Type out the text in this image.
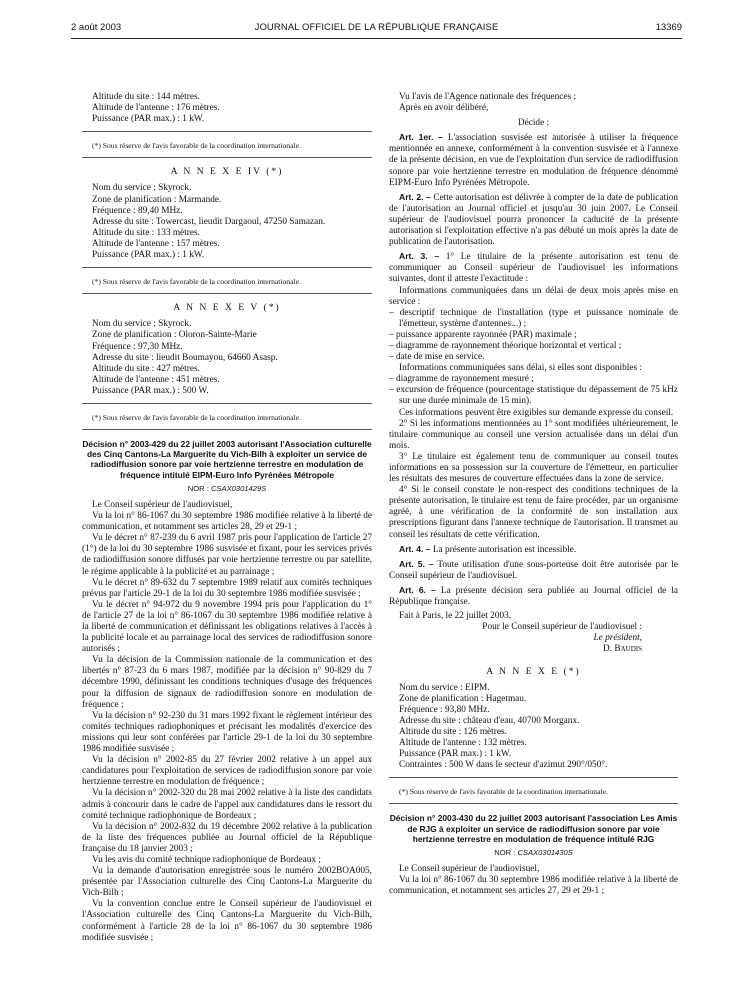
2 août 2003	JOURNAL OFFICIEL DE LA RÉPUBLIQUE FRANÇAISE	13369

Altitude du site : 144 mètres.

Altitude de l'antenne : 176 mètres.

Puissance (PAR max.) : 1 kW.

(*) Sous réserve de l'avis favorable de la coordination internationale.

A N N E X E IV (*)

Nom du service : Skyrock.

Zone de planification : Marmande.

Fréquence : 89,40 MHz.

Adresse du site : Towercast, lieudit Dargaoul, 47250 Samazan.

Altitude du site : 133 mètres.

Altitude de l'antenne : 157 mètres.

Puissance (PAR max.) : 1 kW.

(*) Sous réserve de l'avis favorable de la coordination internationale.

A N N E X E V (*)

Nom du service : Skyrock.

Zone de planification : Oloron-Sainte-Marie

Fréquence : 97,30 MHz.

Adresse du site : lieudit Boumayou, 64660 Asasp.

Altitude du site : 427 mètres.

Altitude de l'antenne : 451 mètres.

Puissance (PAR max.) : 500 W.

(*) Sous réserve de l'avis favorable de la coordination internationale.

Décision n° 2003-429 du 22 juillet 2003 autorisant l'Association culturelle des Cinq Cantons-La Marguerite du Vich-Bilh à exploiter un service de radiodiffusion sonore par voie hertzienne terrestre en modulation de fréquence intitulé EIPM-Euro Info Pyrénées Métropole

NOR : CSAX0301429S

Le Conseil supérieur de l'audiovisuel,

Vu la loi n° 86-1067 du 30 septembre 1986 modifiée relative à la liberté de communication, et notamment ses articles 28, 29 et 29-1 ;

Vu le décret n° 87-239 du 6 avril 1987 pris pour l'application de l'article 27 (1°) de la loi du 30 septembre 1986 susvisée et fixant, pour les services privés de radiodiffusion sonore diffusés par voie hertzienne terrestre ou par satellite, le régime applicable à la publicité et au parrainage ;

Vu le décret n° 89-632 du 7 septembre 1989 relatif aux comités techniques prévus par l'article 29-1 de la loi du 30 septembre 1986 modifiée susvisée ;

Vu le décret n° 94-972 du 9 novembre 1994 pris pour l'application du 1° de l'article 27 de la loi n° 86-1067 du 30 septembre 1986 modifiée relative à la liberté de communication et définissant les obligations relatives à l'accès à la publicité locale et au parrainage local des services de radiodiffusion sonore autorisés ;

Vu la décision de la Commission nationale de la communication et des libertés n° 87-23 du 6 mars 1987, modifiée par la décision n° 90-829 du 7 décembre 1990, définissant les conditions techniques d'usage des fréquences pour la diffusion de signaux de radiodiffusion sonore en modulation de fréquence ;

Vu la décision n° 92-230 du 31 mars 1992 fixant le règlement intérieur des comités techniques radiophoniques et précisant les modalités d'exercice des missions qui leur sont conférées par l'article 29-1 de la loi du 30 septembre 1986 modifiée susvisée ;

Vu la décision n° 2002-85 du 27 février 2002 relative à un appel aux candidatures pour l'exploitation de services de radiodiffusion sonore par voie hertzienne terrestre en modulation de fréquence ;

Vu la décision n° 2002-320 du 28 mai 2002 relative à la liste des candidats admis à concourir dans le cadre de l'appel aux candidatures dans le ressort du comité technique radiophonique de Bordeaux ;

Vu la décision n° 2002-832 du 19 décembre 2002 relative à la publication de la liste des fréquences publiée au Journal officiel de la République française du 18 janvier 2003 ;

Vu les avis du comité technique radiophonique de Bordeaux ;

Vu la demande d'autorisation enregistrée sous le numéro 2002BOA005, présentée par l'Association culturelle des Cinq Cantons-La Marguerite du Vich-Bilh ;

Vu la convention conclue entre le Conseil supérieur de l'audiovisuel et l'Association culturelle des Cinq Cantons-La Marguerite du Vich-Bilh, conformément à l'article 28 de la loi n° 86-1067 du 30 septembre 1986 modifiée susvisée ;

Vu l'avis de l'Agence nationale des fréquences ;

Après en avoir délibéré,

Décide :

Art. 1er. – L'association susvisée est autorisée à utiliser la fréquence mentionnée en annexe, conformément à la convention susvisée et à l'annexe de la présente décision, en vue de l'exploitation d'un service de radiodiffusion sonore par voie hertzienne terrestre en modulation de fréquence dénommé EIPM-Euro Info Pyrénées Métropole.

Art. 2. – Cette autorisation est délivrée à compter de la date de publication de l'autorisation au Journal officiel et jusqu'au 30 juin 2007. Le Conseil supérieur de l'audiovisuel pourra prononcer la caducité de la présente autorisation si l'exploitation effective n'a pas débuté un mois après la date de publication de l'autorisation.

Art. 3. – 1° Le titulaire de la présente autorisation est tenu de communiquer au Conseil supérieur de l'audiovisuel les informations suivantes, dont il atteste l'exactitude :

Informations communiquées dans un délai de deux mois après mise en service :

– descriptif technique de l'installation (type et puissance nominale de l'émetteur, système d'antennes...) ;

– puissance apparente rayonnée (PAR) maximale ;

– diagramme de rayonnement théorique horizontal et vertical ;

– date de mise en service.

Informations communiquées sans délai, si elles sont disponibles :

– diagramme de rayonnement mesuré ;

– excursion de fréquence (pourcentage statistique du dépassement de 75 kHz sur une durée minimale de 15 min).

Ces informations peuvent être exigibles sur demande expresse du conseil.

2° Si les informations mentionnées au 1° sont modifiées ultérieurement, le titulaire communique au conseil une version actualisée dans un délai d'un mois.

3° Le titulaire est également tenu de communiquer au conseil toutes informations en sa possession sur la couverture de l'émetteur, en particulier les résultats des mesures de couverture effectuées dans la zone de service.

4° Si le conseil constate le non-respect des conditions techniques de la présente autorisation, le titulaire est tenu de faire procéder, par un organisme agréé, à une vérification de la conformité de son installation aux prescriptions figurant dans l'annexe technique de l'autorisation. Il transmet au conseil les résultats de cette vérification.

Art. 4. – La présente autorisation est incessible.

Art. 5. – Toute utilisation d'une sous-porteuse doit être autorisée par le Conseil supérieur de l'audiovisuel.

Art. 6. – La présente décision sera publiée au Journal officiel de la République française.

Fait à Paris, le 22 juillet 2003.

Pour le Conseil supérieur de l'audiovisuel :

Le président,

D. Baudis

A N N E X E (*)

Nom du service : EIPM.

Zone de planification : Hagetmau.

Fréquence : 93,80 MHz.

Adresse du site : château d'eau, 40700 Morganx.

Altitude du site : 126 mètres.

Altitude de l'antenne : 132 mètres.

Puissance (PAR max.) : 1 kW.

Contraintes : 500 W dans le secteur d'azimut 290°/050°.

(*) Sous réserve de l'avis favorable de la coordination internationale.

Décision n° 2003-430 du 22 juillet 2003 autorisant l'association Les Amis de RJG à exploiter un service de radiodiffusion sonore par voie hertzienne terrestre en modulation de fréquence intitulé RJG

NOR : CSAX0301430S

Le Conseil supérieur de l'audiovisuel,

Vu la loi n° 86-1067 du 30 septembre 1986 modifiée relative à la liberté de communication, et notamment ses articles 27, 29 et 29-1 ;
